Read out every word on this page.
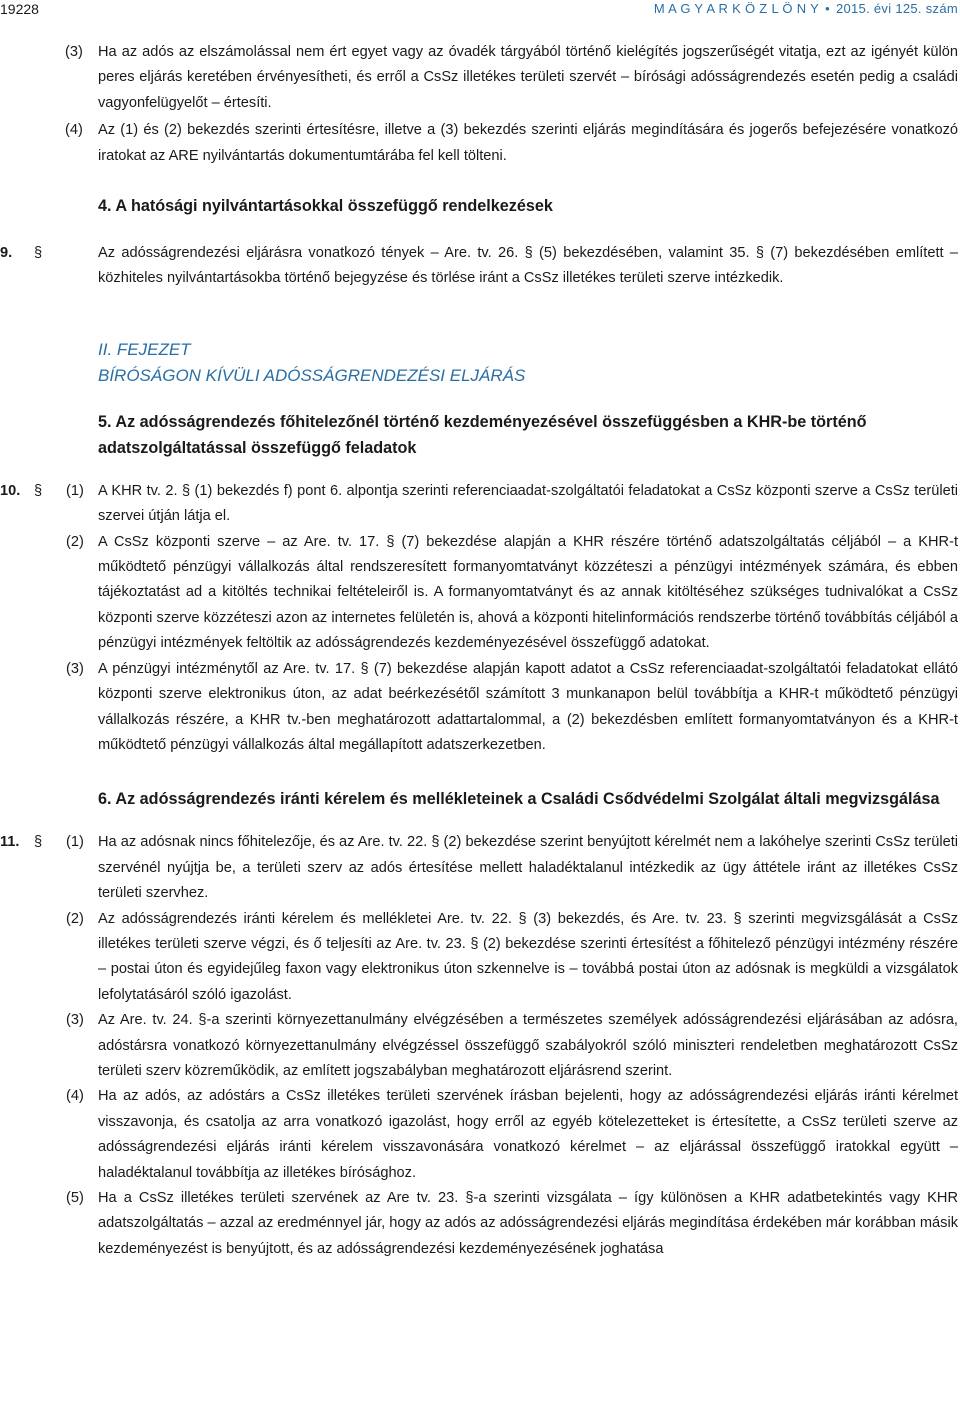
19228	M A G Y A R K Ö Z L Ö N Y • 2015. évi 125. szám

(3) Ha az adós az elszámolással nem ért egyet vagy az óvadék tárgyából történő kielégítés jogszerűségét vitatja, ezt az igényét külön peres eljárás keretében érvényesítheti, és erről a CsSz illetékes területi szervét – bírósági adósságrendezés esetén pedig a családi vagyonfelügyelőt – értesíti.

(4) Az (1) és (2) bekezdés szerinti értesítésre, illetve a (3) bekezdés szerinti eljárás megindítására és jogerős befejezésére vonatkozó iratokat az ARE nyilvántartás dokumentumtárába fel kell tölteni.

4. A hatósági nyilvántartásokkal összefüggő rendelkezések

9. §	Az adósságrendezési eljárásra vonatkozó tények – Are. tv. 26. § (5) bekezdésében, valamint 35. § (7) bekezdésében említett – közhiteles nyilvántartásokba történő bejegyzése és törlése iránt a CsSz illetékes területi szerve intézkedik.

II. FEJEZET

BÍRÓSÁGON KÍVÜLI ADÓSSÁGRENDEZÉSI ELJÁRÁS

5. Az adósságrendezés főhitelezőnél történő kezdeményezésével összefüggésben a KHR-be történő adatszolgáltatással összefüggő feladatok

10. § (1) A KHR tv. 2. § (1) bekezdés f) pont 6. alpontja szerinti referenciaadat-szolgáltatói feladatokat a CsSz központi szerve a CsSz területi szervei útján látja el.

(2) A CsSz központi szerve – az Are. tv. 17. § (7) bekezdése alapján a KHR részére történő adatszolgáltatás céljából – a KHR-t működtető pénzügyi vállalkozás által rendszeresített formanyomtatványt közzéteszi a pénzügyi intézmények számára, és ebben tájékoztatást ad a kitöltés technikai feltételeiről is. A formanyomtatványt és az annak kitöltéséhez szükséges tudnivalókat a CsSz központi szerve közzéteszi azon az internetes felületén is, ahová a központi hitelinformációs rendszerbe történő továbbítás céljából a pénzügyi intézmények feltöltik az adósságrendezés kezdeményezésével összefüggő adatokat.

(3) A pénzügyi intézménytől az Are. tv. 17. § (7) bekezdése alapján kapott adatot a CsSz referenciaadat-szolgáltatói feladatokat ellátó központi szerve elektronikus úton, az adat beérkezésétől számított 3 munkanapon belül továbbítja a KHR-t működtető pénzügyi vállalkozás részére, a KHR tv.-ben meghatározott adattartalommal, a (2) bekezdésben említett formanyomtatványon és a KHR-t működtető pénzügyi vállalkozás által megállapított adatszerkezetben.

6. Az adósságrendezés iránti kérelem és mellékleteinek a Családi Csődvédelmi Szolgálat általi megvizsgálása

11. § (1) Ha az adósnak nincs főhitelezője, és az Are. tv. 22. § (2) bekezdése szerint benyújtott kérelmét nem a lakóhelye szerinti CsSz területi szervénél nyújtja be, a területi szerv az adós értesítése mellett haladéktalanul intézkedik az ügy áttétele iránt az illetékes CsSz területi szervhez.

(2) Az adósságrendezés iránti kérelem és mellékletei Are. tv. 22. § (3) bekezdés, és Are. tv. 23. § szerinti megvizsgálását a CsSz illetékes területi szerve végzi, és ő teljesíti az Are. tv. 23. § (2) bekezdése szerinti értesítést a főhitelező pénzügyi intézmény részére – postai úton és egyidejűleg faxon vagy elektronikus úton szkennelve is – továbbá postai úton az adósnak is megküldi a vizsgálatok lefolytatásáról szóló igazolást.

(3) Az Are. tv. 24. §-a szerinti környezettanulmány elvégzésében a természetes személyek adósságrendezési eljárásában az adósra, adóstársra vonatkozó környezettanulmány elvégzéssel összefüggő szabályokról szóló miniszteri rendeletben meghatározott CsSz területi szerv közreműködik, az említett jogszabályban meghatározott eljárásrend szerint.

(4) Ha az adós, az adóstárs a CsSz illetékes területi szervének írásban bejelenti, hogy az adósságrendezési eljárás iránti kérelmet visszavonja, és csatolja az arra vonatkozó igazolást, hogy erről az egyéb kötelezetteket is értesítette, a CsSz területi szerve az adósságrendezési eljárás iránti kérelem visszavonására vonatkozó kérelmet – az eljárással összefüggő iratokkal együtt – haladéktalanul továbbítja az illetékes bírósághoz.

(5) Ha a CsSz illetékes területi szervének az Are tv. 23. §-a szerinti vizsgálata – így különösen a KHR adatbetekintés vagy KHR adatszolgáltatás – azzal az eredménnyel jár, hogy az adós az adósságrendezési eljárás megindítása érdekében már korábban másik kezdeményezést is benyújtott, és az adósságrendezési kezdeményezésének joghatása
